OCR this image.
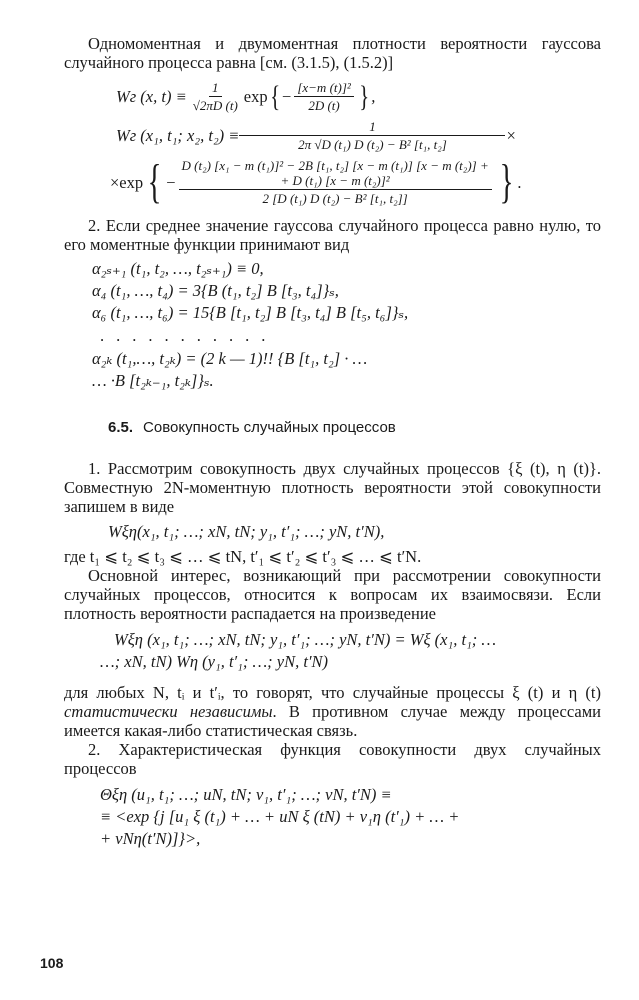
Одномоментная и двумоментная плотности вероятности гауссова случайного процесса равна [см. (3.1.5), (1.5.2)]

Wг (x, $t) \equiv \frac{1}{√2\pi D (t)}$ exp { − $\frac{\text{[x−m (t)]²}}{2D (t)}$ } ,
Wг (x₁, t₁; x₂, $t_2) \equiv \frac{1}{\text{2π √D (t₁) D (t₂) − B² [t₁, t₂]}}$ ×
×exp { −
D (t₂) [x₁ − m (t₁)]² − 2B [t₁, t₂] [x − m (t₁)] [x − m (t₂)] +
+ D (t₁) [x − m (t₂)]²
2 [D (t₁) D (t₂) − B² [t₁, t₂]] } .

2. Если среднее значение гауссова случайного процесса равно нулю, то его моментные функции принимают вид

α₂ₛ₊₁ (t₁, t₂, …, t₂ₛ₊₁) ≡ 0,
α₄ (t₁, …, t₄) = 3{B (t₁, t₂] B [t₃, t₄]}ₛ,
α₆ (t₁, …, t₆) = 15{B [t₁, t₂] B [t₃, t₄] B [t₅, t₆]}ₛ,
...........
α₂ₖ (t₁,…, t₂ₖ) = (2 k — 1)!! {B [t₁, t₂] · …
… ·B [t₂ₖ₋₁, t₂ₖ]}ₛ.
6.5. Совокупность случайных процессов

1. Рассмотрим совокупность двух случайных процессов {ξ (t), η (t)}. Совместную 2N-моментную плотность вероятности этой совокупности запишем в виде

Wξη(x₁, t₁; …; xN, tN; y₁, t′₁; …; yN, t′N),

где t₁ ⩽ t₂ ⩽ t₃ ⩽ … ⩽ tN, t′₁ ⩽ t′₂ ⩽ t′₃ ⩽ … ⩽ t′N.

Основной интерес, возникающий при рассмотрении совокупности случайных процессов, относится к вопросам их взаимосвязи. Если плотность вероятности распадается на произведение

Wξη (x₁, t₁; …; xN, tN; y₁, t′₁; …; yN, t′N) = Wξ (x₁, t₁; …
…; xN, tN) Wη (y₁, t′₁; …; yN, t′N)

для любых N, tᵢ и t′ᵢ, то говорят, что случайные процессы ξ (t) и η (t) статистически независимы. В противном случае между процессами имеется какая-либо статистическая связь.

2. Характеристическая функция совокупности двух случайных процессов

Θξη (u₁, t₁; …; uN, tN; v₁, t′₁; …; vN, t′N) ≡
≡ <exp {j [u₁ ξ (t₁) + … + uN ξ (tN) + v₁η (t′₁) + … +
+ vNη(t′N)]}>,
108
